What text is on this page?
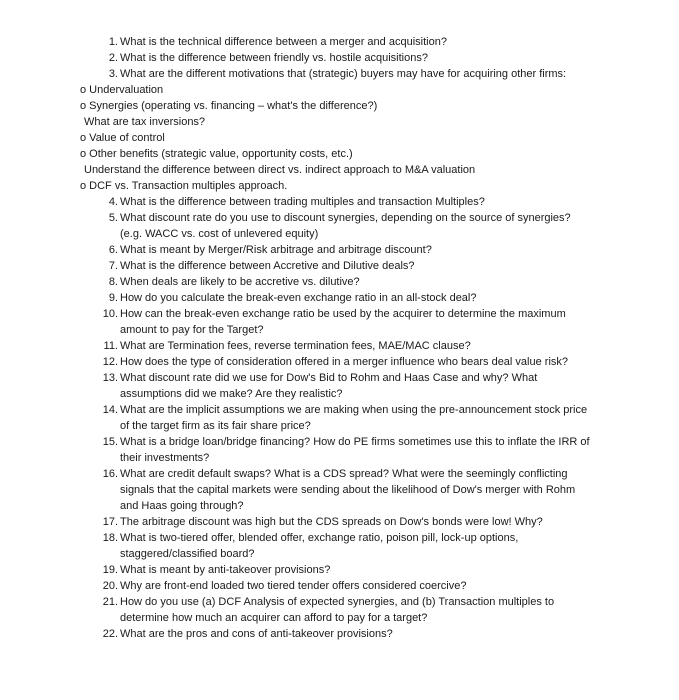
1. What is the technical difference between a merger and acquisition?
2. What is the difference between friendly vs. hostile acquisitions?
3. What are the different motivations that (strategic) buyers may have for acquiring other firms:
o Undervaluation
o Synergies (operating vs. financing – what's the difference?)
What are tax inversions?
o Value of control
o Other benefits (strategic value, opportunity costs, etc.)
Understand the difference between direct vs. indirect approach to M&A valuation
o DCF vs. Transaction multiples approach.
4. What is the difference between trading multiples and transaction Multiples?
5. What discount rate do you use to discount synergies, depending on the source of synergies? (e.g. WACC vs. cost of unlevered equity)
6. What is meant by Merger/Risk arbitrage and arbitrage discount?
7. What is the difference between Accretive and Dilutive deals?
8. When deals are likely to be accretive vs. dilutive?
9. How do you calculate the break-even exchange ratio in an all-stock deal?
10. How can the break-even exchange ratio be used by the acquirer to determine the maximum amount to pay for the Target?
11. What are Termination fees, reverse termination fees, MAE/MAC clause?
12. How does the type of consideration offered in a merger influence who bears deal value risk?
13. What discount rate did we use for Dow's Bid to Rohm and Haas Case and why? What assumptions did we make? Are they realistic?
14. What are the implicit assumptions we are making when using the pre-announcement stock price of the target firm as its fair share price?
15. What is a bridge loan/bridge financing? How do PE firms sometimes use this to inflate the IRR of their investments?
16. What are credit default swaps? What is a CDS spread? What were the seemingly conflicting signals that the capital markets were sending about the likelihood of Dow's merger with Rohm and Haas going through?
17. The arbitrage discount was high but the CDS spreads on Dow's bonds were low! Why?
18. What is two-tiered offer, blended offer, exchange ratio, poison pill, lock-up options, staggered/classified board?
19. What is meant by anti-takeover provisions?
20. Why are front-end loaded two tiered tender offers considered coercive?
21. How do you use (a) DCF Analysis of expected synergies, and (b) Transaction multiples to determine how much an acquirer can afford to pay for a target?
22. What are the pros and cons of anti-takeover provisions?
